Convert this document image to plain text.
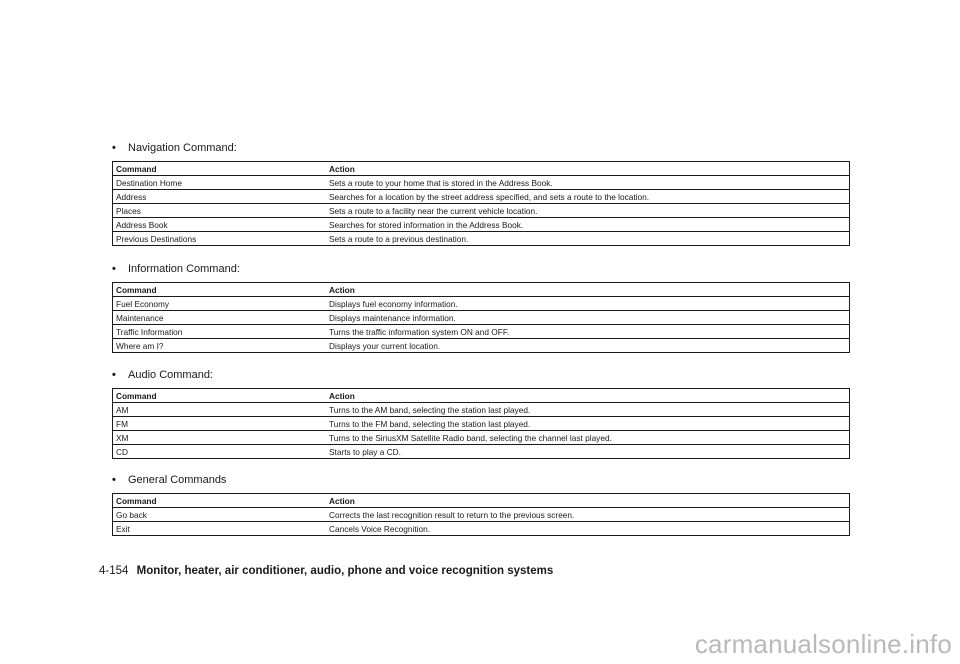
• Navigation Command:
Command	Action
Destination Home	Sets a route to your home that is stored in the Address Book.
Address	Searches for a location by the street address specified, and sets a route to the location.
Places	Sets a route to a facility near the current vehicle location.
Address Book	Searches for stored information in the Address Book.
Previous Destinations	Sets a route to a previous destination.
• Information Command:
Command	Action
Fuel Economy	Displays fuel economy information.
Maintenance	Displays maintenance information.
Traffic Information	Turns the traffic information system ON and OFF.
Where am I?	Displays your current location.
• Audio Command:
Command	Action
AM	Turns to the AM band, selecting the station last played.
FM	Turns to the FM band, selecting the station last played.
XM	Turns to the SiriusXM Satellite Radio band, selecting the channel last played.
CD	Starts to play a CD.
• General Commands
Command	Action
Go back	Corrects the last recognition result to return to the previous screen.
Exit	Cancels Voice Recognition.
4-154 Monitor, heater, air conditioner, audio, phone and voice recognition systems
carmanualsonline.info
